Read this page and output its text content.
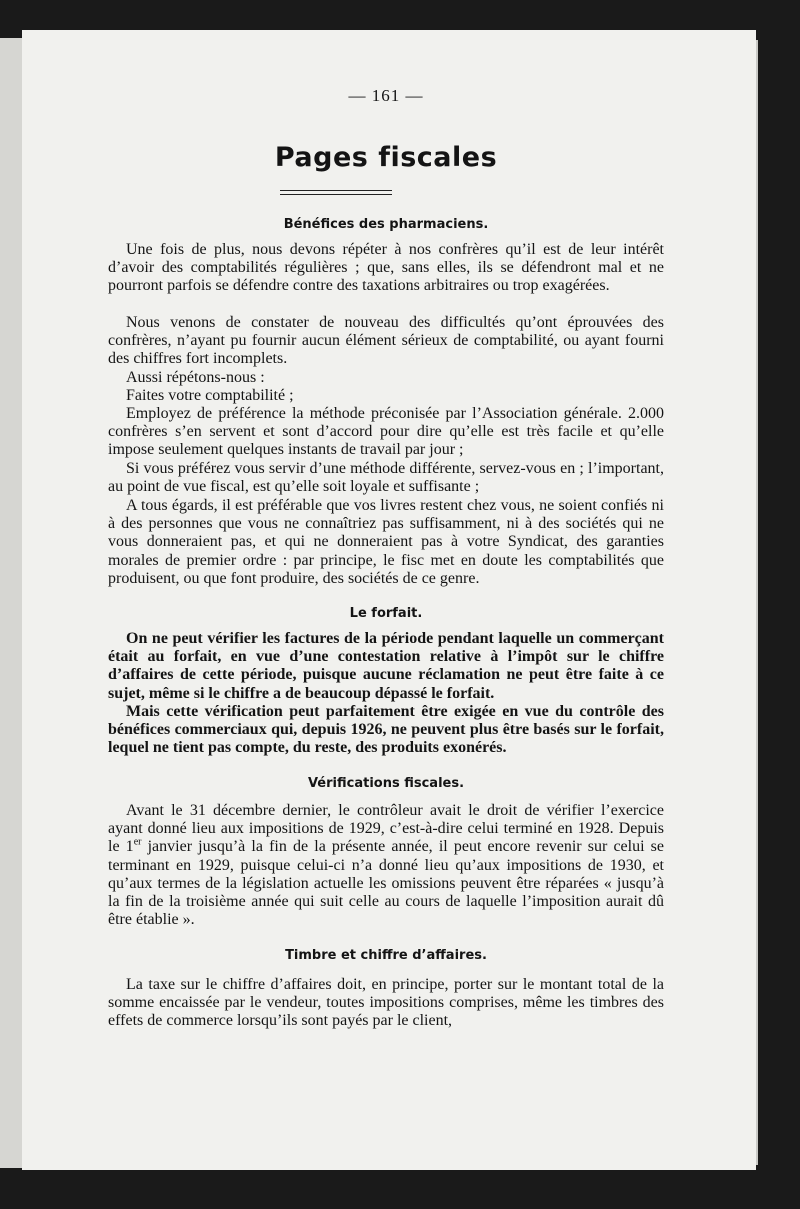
— 161 —
Pages fiscales
Bénéfices des pharmaciens.

Une fois de plus, nous devons répéter à nos confrères qu’il est de leur intérêt d’avoir des comptabilités régulières ; que, sans elles, ils se défendront mal et ne pourront parfois se défendre contre des taxations arbitraires ou trop exagérées.

Nous venons de constater de nouveau des difficultés qu’ont éprouvées des confrères, n’ayant pu fournir aucun élément sérieux de comptabilité, ou ayant fourni des chiffres fort incomplets.

Aussi répétons-nous :

Faites votre comptabilité ;

Employez de préférence la méthode préconisée par l’Association générale. 2.000 confrères s’en servent et sont d’accord pour dire qu’elle est très facile et qu’elle impose seulement quelques instants de travail par jour ;

Si vous préférez vous servir d’une méthode différente, servez-vous en ; l’important, au point de vue fiscal, est qu’elle soit loyale et suffisante ;

A tous égards, il est préférable que vos livres restent chez vous, ne soient confiés ni à des personnes que vous ne connaîtriez pas suffisamment, ni à des sociétés qui ne vous donneraient pas, et qui ne donneraient pas à votre Syndicat, des garanties morales de premier ordre : par principe, le fisc met en doute les comptabilités que produisent, ou que font produire, des sociétés de ce genre.

Le forfait.

On ne peut vérifier les factures de la période pendant laquelle un commerçant était au forfait, en vue d’une contestation relative à l’impôt sur le chiffre d’affaires de cette période, puisque aucune réclamation ne peut être faite à ce sujet, même si le chiffre a de beaucoup dépassé le forfait.

Mais cette vérification peut parfaitement être exigée en vue du contrôle des bénéfices commerciaux qui, depuis 1926, ne peuvent plus être basés sur le forfait, lequel ne tient pas compte, du reste, des produits exonérés.

Vérifications fiscales.

Avant le 31 décembre dernier, le contrôleur avait le droit de vérifier l’exercice ayant donné lieu aux impositions de 1929, c’est-à-dire celui terminé en 1928. Depuis le 1er janvier jusqu’à la fin de la présente année, il peut encore revenir sur celui se terminant en 1929, puisque celui-ci n’a donné lieu qu’aux impositions de 1930, et qu’aux termes de la législation actuelle les omissions peuvent être réparées « jusqu’à la fin de la troisième année qui suit celle au cours de laquelle l’imposition aurait dû être établie ».

Timbre et chiffre d’affaires.

La taxe sur le chiffre d’affaires doit, en principe, porter sur le montant total de la somme encaissée par le vendeur, toutes impositions comprises, même les timbres des effets de commerce lorsqu’ils sont payés par le client,
